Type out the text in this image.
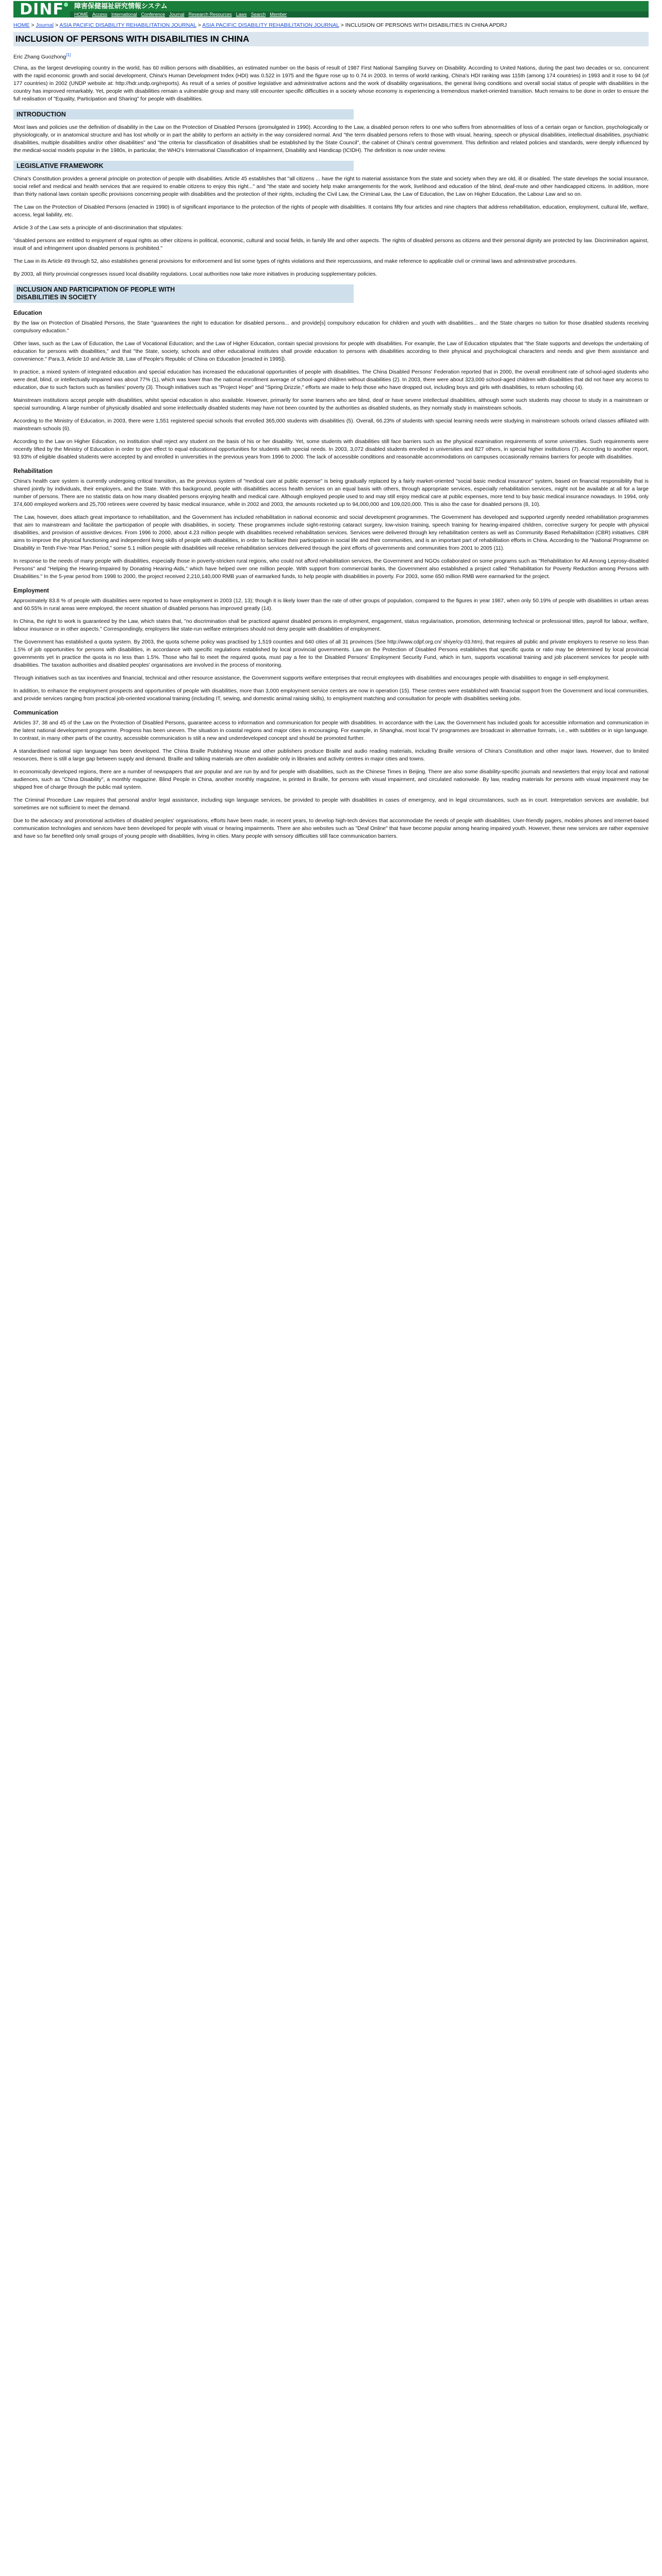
DINF	障害保健福祉研究情報システム
HOME Access International Conference Journal Research Resources Laws Search Member
HOME > Journal > ASIA PACIFIC DISABILITY REHABILITATION JOURNAL > ASIA PACIFIC DISABILITY REHABILITATION JOURNAL > INCLUSION OF PERSONS WITH DISABILITIES IN CHINA APDRJ
INCLUSION OF PERSONS WITH DISABILITIES IN CHINA
Eric Zhang Guozhong[1]

China, as the largest developing country in the world, has 60 million persons with disabilities, an estimated number on the basis of result of 1987 First National Sampling Survey on Disability. According to United Nations, during the past two decades or so, concurrent with the rapid economic growth and social development, China's Human Development Index (HDI) was 0.522 in 1975 and the figure rose up to 0.74 in 2003. In terms of world ranking, China's HDI ranking was 115th (among 174 countries) in 1993 and it rose to 94 (of 177 countries) in 2002 (UNDP website at: http://hdr.undp.org/reports). As result of a series of positive legislative and administrative actions and the work of disability organisations, the general living conditions and overall social status of people with disabilities in the country has improved remarkably. Yet, people with disabilities remain a vulnerable group and many still encounter specific difficulties in a society whose economy is experiencing a tremendous market-oriented transition. Much remains to be done in order to ensure the full realisation of "Equality, Participation and Sharing" for people with disabilities.

INTRODUCTION

Most laws and policies use the definition of disability in the Law on the Protection of Disabled Persons (promulgated in 1990). According to the Law, a disabled person refers to one who suffers from abnormalities of loss of a certain organ or function, psychologically or physiologically, or in anatomical structure and has lost wholly or in part the ability to perform an activity in the way considered normal. And "the term disabled persons refers to those with visual, hearing, speech or physical disabilities, intellectual disabilities, psychiatric disabilities, multiple disabilities and/or other disabilities" and "the criteria for classification of disabilities shall be established by the State Council", the cabinet of China's central government. This definition and related policies and standards, were deeply influenced by the medical-social models popular in the 1980s, in particular, the WHO's International Classification of Impairment, Disability and Handicap (ICIDH). The definition is now under review.

LEGISLATIVE FRAMEWORK

China's Constitution provides a general principle on protection of people with disabilities. Article 45 establishes that "all citizens ... have the right to material assistance from the state and society when they are old, ill or disabled. The state develops the social insurance, social relief and medical and health services that are required to enable citizens to enjoy this right..." and "the state and society help make arrangements for the work, livelihood and education of the blind, deaf-mute and other handicapped citizens. In addition, more than thirty national laws contain specific provisions concerning people with disabilities and the protection of their rights, including the Civil Law, the Criminal Law, the Law of Education, the Law on Higher Education, the Labour Law and so on.

The Law on the Protection of Disabled Persons (enacted in 1990) is of significant importance to the protection of the rights of people with disabilities. It contains fifty four articles and nine chapters that address rehabilitation, education, employment, cultural life, welfare, access, legal liability, etc.

Article 3 of the Law sets a principle of anti-discrimination that stipulates:

"disabled persons are entitled to enjoyment of equal rights as other citizens in political, economic, cultural and social fields, in family life and other aspects. The rights of disabled persons as citizens and their personal dignity are protected by law. Discrimination against, insult of and infringement upon disabled persons is prohibited."

The Law in its Article 49 through 52, also establishes general provisions for enforcement and list some types of rights violations and their repercussions, and make reference to applicable civil or criminal laws and administrative procedures.

By 2003, all thirty provincial congresses issued local disability regulations. Local authorities now take more initiatives in producing supplementary policies.

INCLUSION AND PARTICIPATION OF PEOPLE WITH
DISABILITIES IN SOCIETY
Education

By the law on Protection of Disabled Persons, the State "guarantees the right to education for disabled persons... and provide[s] compulsory education for children and youth with disabilities... and the State charges no tuition for those disabled students receiving compulsory education."

Other laws, such as the Law of Education, the Law of Vocational Education; and the Law of Higher Education, contain special provisions for people with disabilities. For example, the Law of Education stipulates that "the State supports and develops the undertaking of education for persons with disabilities," and that "the State, society, schools and other educational institutes shall provide education to persons with disabilities according to their physical and psychological characters and needs and give them assistance and convenience." Para.3, Article 10 and Article 38, Law of People's Republic of China on Education [enacted in 1995]).

In practice, a mixed system of integrated education and special education has increased the educational opportunities of people with disabilities. The China Disabled Persons' Federation reported that in 2000, the overall enrollment rate of school-aged students who were deaf, blind, or intellectually impaired was about 77% (1), which was lower than the national enrollment average of school-aged children without disabilities (2). In 2003, there were about 323,000 school-aged children with disabilities that did not have any access to education, due to such factors such as families' poverty (3). Though initiatives such as "Project Hope" and "Spring Drizzle," efforts are made to help those who have dropped out, including boys and girls with disabilities, to return schooling (4).

Mainstream institutions accept people with disabilities, whilst special education is also available. However, primarily for some learners who are blind, deaf or have severe intellectual disabilities, although some such students may choose to study in a mainstream or special surrounding. A large number of physically disabled and some intellectually disabled students may have not been counted by the authorities as disabled students, as they normally study in mainstream schools.

According to the Ministry of Education, in 2003, there were 1,551 registered special schools that enrolled 365,000 students with disabilities (5). Overall, 66.23% of students with special learning needs were studying in mainstream schools or/and classes affiliated with mainstream schools (6).

According to the Law on Higher Education, no institution shall reject any student on the basis of his or her disability. Yet, some students with disabilities still face barriers such as the physical examination requirements of some universities. Such requirements were recently lifted by the Ministry of Education in order to give effect to equal educational opportunities for students with special needs. In 2003, 3,072 disabled students enrolled in universities and 827 others, in special higher institutions (7). According to another report, 93.93% of eligible disabled students were accepted by and enrolled in universities in the previous years from 1996 to 2000. The lack of accessible conditions and reasonable accommodations on campuses occasionally remains barriers for people with disabilities.

Rehabilitation

China's health care system is currently undergoing critical transition, as the previous system of "medical care at public expense" is being gradually replaced by a fairly market-oriented "social basic medical insurance" system, based on financial responsibility that is shared jointly by individuals, their employers, and the State. With this background, people with disabilities access health services on an equal basis with others, through appropriate services, especially rehabilitation services, might not be available at all for a large number of persons. There are no statistic data on how many disabled persons enjoying health and medical care. Although employed people used to and may still enjoy medical care at public expenses, more tend to buy basic medical insurance nowadays. In 1994, only 374,600 employed workers and 25,700 retirees were covered by basic medical insurance, while in 2002 and 2003, the amounts rocketed up to 94,000,000 and 109,020,000. This is also the case for disabled persons (8, 10).

The Law, however, does attach great importance to rehabilitation, and the Government has included rehabilitation in national economic and social development programmes. The Government has developed and supported urgently needed rehabilitation programmes that aim to mainstream and facilitate the participation of people with disabilities, in society. These programmes include sight-restoring cataract surgery, low-vision training, speech training for hearing-impaired children, corrective surgery for people with physical disabilities, and provision of assistive devices. From 1996 to 2000, about 4.23 million people with disabilities received rehabilitation services. Services were delivered through key rehabilitation centers as well as Community Based Rehabilitation (CBR) initiatives. CBR aims to improve the physical functioning and independent living skills of people with disabilities, in order to facilitate their participation in social life and their communities, and is an important part of rehabilitation efforts in China. According to the "National Programme on Disability in Tenth Five-Year Plan Period," some 5.1 million people with disabilities will receive rehabilitation services delivered through the joint efforts of governments and communities from 2001 to 2005 (11).

In response to the needs of many people with disabilities, especially those in poverty-stricken rural regions, who could not afford rehabilitation services, the Government and NGOs collaborated on some programs such as "Rehabilitation for All Among Leprosy-disabled Persons" and "Helping the Hearing-Impaired by Donating Hearing-Aids," which have helped over one million people. With support from commercial banks, the Government also established a project called "Rehabilitation for Poverty Reduction among Persons with Disabilities." In the 5-year period from 1998 to 2000, the project received 2,210,140,000 RMB yuan of earmarked funds, to help people with disabilities in poverty. For 2003, some 650 million RMB were earmarked for the project.

Employment

Approximately 83.8 % of people with disabilities were reported to have employment in 2003 (12, 13); though it is likely lower than the rate of other groups of population, compared to the figures in year 1987, when only 50.19% of people with disabilities in urban areas and 60.55% in rural areas were employed, the recent situation of disabled persons has improved greatly (14).

In China, the right to work is guaranteed by the Law, which states that, "no discrimination shall be practiced against disabled persons in employment, engagement, status regularisation, promotion, determining technical or professional titles, payroll for labour, welfare, labour insurance or in other aspects." Correspondingly, employers like state-run welfare enterprises should not deny people with disabilities of employment.

The Government has established a quota system. By 2003, the quota scheme policy was practised by 1,519 counties and 640 cities of all 31 provinces (See http://www.cdpf.org.cn/ shiye/cy-03.htm), that requires all public and private employers to reserve no less than 1.5% of job opportunities for persons with disabilities, in accordance with specific regulations established by local provincial governments. Law on the Protection of Disabled Persons establishes that specific quota or ratio may be determined by local provincial governments yet in practice the quota is no less than 1.5%. Those who fail to meet the required quota, must pay a fee to the Disabled Persons' Employment Security Fund, which in turn, supports vocational training and job placement services for people with disabilities. The taxation authorities and disabled peoples' organisations are involved in the process of monitoring.

Through initiatives such as tax incentives and financial, technical and other resource assistance, the Government supports welfare enterprises that recruit employees with disabilities and encourages people with disabilities to engage in self-employment.

In addition, to enhance the employment prospects and opportunities of people with disabilities, more than 3,000 employment service centers are now in operation (15). These centres were established with financial support from the Government and local communities, and provide services ranging from practical job-oriented vocational training (including IT, sewing, and domestic animal raising skills), to employment matching and consultation for people with disabilities seeking jobs.

Communication

Articles 37, 38 and 45 of the Law on the Protection of Disabled Persons, guarantee access to information and communication for people with disabilities. In accordance with the Law, the Government has included goals for accessible information and communication in the latest national development programme. Progress has been uneven. The situation in coastal regions and major cities is encouraging. For example, in Shanghai, most local TV programmes are broadcast in alternative formats, i.e., with subtitles or in sign language. In contrast, in many other parts of the country, accessible communication is still a new and underdeveloped concept and should be promoted further.

A standardised national sign language has been developed. The China Braille Publishing House and other publishers produce Braille and audio reading materials, including Braille versions of China's Constitution and other major laws. However, due to limited resources, there is still a large gap between supply and demand. Braille and talking materials are often available only in libraries and activity centres in major cities and towns.

In economically developed regions, there are a number of newspapers that are popular and are run by and for people with disabilities, such as the Chinese Times in Beijing. There are also some disability-specific journals and newsletters that enjoy local and national audiences, such as "China Disability", a monthly magazine. Blind People in China, another monthly magazine, is printed in Braille, for persons with visual impairment, and circulated nationwide. By law, reading materials for persons with visual impairment may be shipped free of charge through the public mail system.

The Criminal Procedure Law requires that personal and/or legal assistance, including sign language services, be provided to people with disabilities in cases of emergency, and in legal circumstances, such as in court. Interpretation services are available, but sometimes are not sufficient to meet the demand.

Due to the advocacy and promotional activities of disabled peoples' organisations, efforts have been made, in recent years, to develop high-tech devices that accommodate the needs of people with disabilities. User-friendly pagers, mobiles phones and internet-based communication technologies and services have been developed for people with visual or hearing impairments. There are also websites such as "Deaf Online" that have become popular among hearing impaired youth. However, these new services are rather expensive and have so far benefited only small groups of young people with disabilities, living in cities. Many people with sensory difficulties still face communication barriers.
